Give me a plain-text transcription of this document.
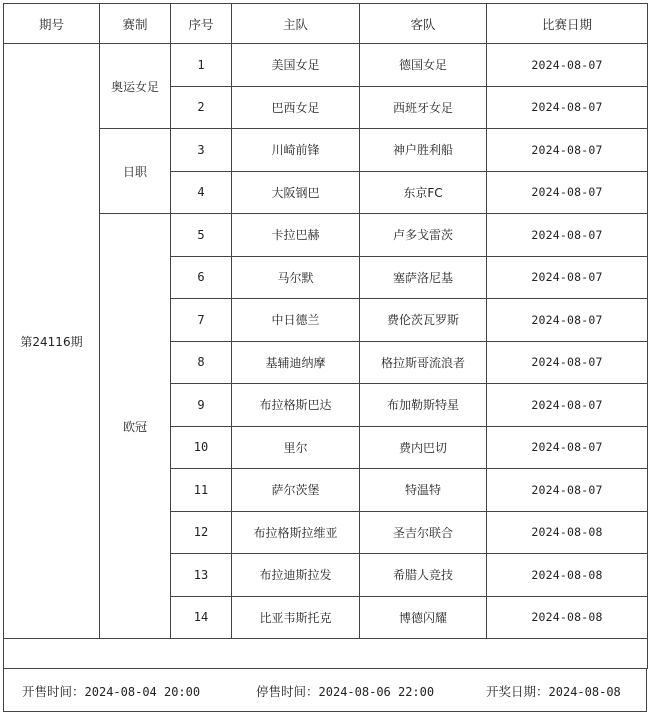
期号	赛制	序号	主队	客队	比赛日期
第24116期	奥运女足	1	美国女足	德国女足	2024-08-07
		2	巴西女足	西班牙女足	2024-08-07
	日职	3	川崎前锋	神户胜利船	2024-08-07
		4	大阪钢巴	东京FC	2024-08-07
	欧冠	5	卡拉巴赫	卢多戈雷茨	2024-08-07
		6	马尔默	塞萨洛尼基	2024-08-07
		7	中日德兰	费伦茨瓦罗斯	2024-08-07
		8	基辅迪纳摩	格拉斯哥流浪者	2024-08-07
		9	布拉格斯巴达	布加勒斯特星	2024-08-07
		10	里尔	费内巴切	2024-08-07
		11	萨尔茨堡	特温特	2024-08-07
		12	布拉格斯拉维亚	圣吉尔联合	2024-08-08
		13	布拉迪斯拉发	希腊人竞技	2024-08-08
		14	比亚韦斯托克	博德闪耀	2024-08-08

开售时间：2024-08-04 20:00	停售时间：2024-08-06 22:00	开奖日期：2024-08-08
